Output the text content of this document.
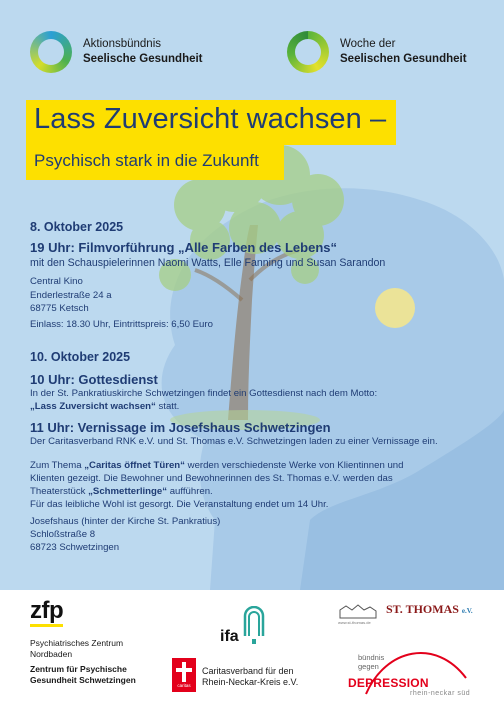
Aktionsbündnis
Seelische Gesundheit
Woche der
Seelischen Gesundheit
Lass Zuversicht wachsen –
Psychisch stark in die Zukunft
8. Oktober 2025
19 Uhr: Filmvorführung „Alle Farben des Lebens“
mit den Schauspielerinnen Naomi Watts, Elle Fanning und Susan Sarandon
Central Kino
Enderlestraße 24 a
68775 Ketsch
Einlass: 18.30 Uhr, Eintrittspreis: 6,50 Euro
10. Oktober 2025
10 Uhr: Gottesdienst
In der St. Pankratiuskirche Schwetzingen findet ein Gottesdienst nach dem Motto:
„Lass Zuversicht wachsen“ statt.
11 Uhr: Vernissage im Josefshaus Schwetzingen
Der Caritasverband RNK e.V. und St. Thomas e.V. Schwetzingen laden zu einer Vernissage ein.
Zum Thema „Caritas öffnet Türen“ werden verschiedenste Werke von Klientinnen und
Klienten gezeigt. Die Bewohner und Bewohnerinnen des St. Thomas e.V. werden das
Theaterstück „Schmetterlinge“ aufführen.
Für das leibliche Wohl ist gesorgt. Die Veranstaltung endet um 14 Uhr.
Josefshaus (hinter der Kirche St. Pankratius)
Schloßstraße 8
68723 Schwetzingen
zfp
Psychiatrisches Zentrum
Nordbaden
Zentrum für Psychische
Gesundheit Schwetzingen
ifa
www.st-thomas.de
ST. THOMAS e.V.
caritas
Caritasverband für den
Rhein-Neckar-Kreis e.V.
bündnis
gegen
DEPRESSION
rhein-neckar süd
